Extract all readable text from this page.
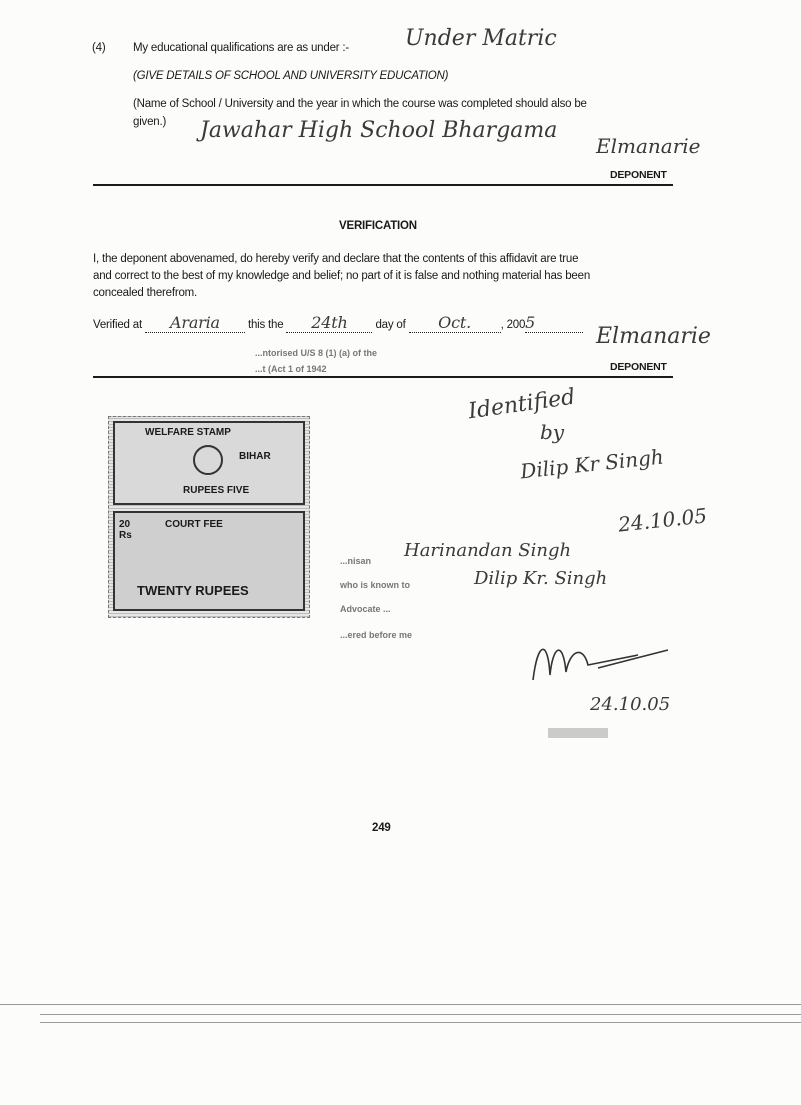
(4) My educational qualifications are as under :-	Under Matric
(GIVE DETAILS OF SCHOOL AND UNIVERSITY EDUCATION)
(Name of School / University and the year in which the course was completed should also be
given.) Jawahar High School Bhargama
Elmanarie
DEPONENT
VERIFICATION
I, the deponent abovenamed, do hereby verify and declare that the contents of this affidavit are true
and correct to the best of my knowledge and belief; no part of it is false and nothing material has been
concealed therefrom.
Verified at Araria this the 24th day of Oct.	, 2005
Elmanarie
...ntorised U/S 8 (1) (a) of the
...t (Act 1 of 1942	DEPONENT
WELFARE STAMP
BIHAR
RUPEES FIVE
20 Rs
COURT FEE
TWENTY RUPEES
Identified
by
Dilip Kr Singh
24.10.05
Harinandan Singh
Dilip Kr. Singh
...nisan
who is known to
Advocate ...
...ered before me
24.10.05
249
